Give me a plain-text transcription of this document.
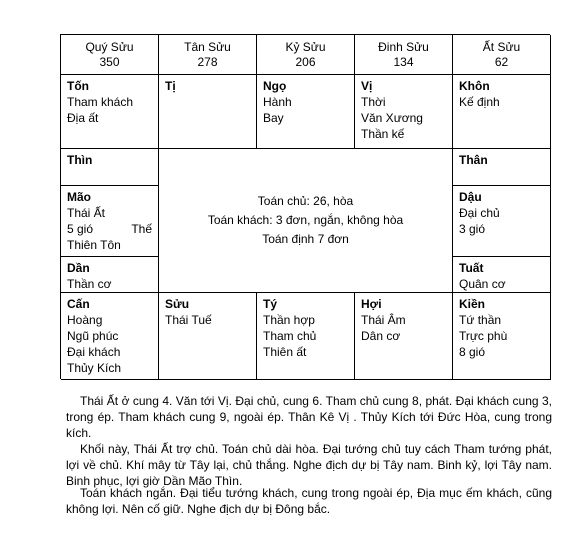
Quý Sửu
350
Tân Sửu
278
Kỷ Sửu
206
Đinh Sửu
134
Ất Sửu
62
Tốn
Tham khách
Địa ất
Tị	Ngọ
Hành
Bay
Vị
Thời
Văn Xương
Thần kế
Khôn
Kế định
Thìn
Mão
Thái Ất
5 gió	Thế
Thiên Tôn
Dần
Thần cơ
Toán chủ: 26, hòa
Toán khách: 3 đơn, ngắn, không hòa
Toán định 7 đơn
Thân
Dậu
Đại chủ
3 gió
Tuất
Quân cơ
Cấn
Hoàng
Ngũ phúc
Đại khách
Thủy Kích
Sửu
Thái Tuế
Tý
Thần hợp
Tham chủ
Thiên ất
Hợi
Thái Âm
Dân cơ
Kiền
Tứ thần
Trực phù
8 gió

Thái Ất ở cung 4. Văn tới Vị. Đại chủ, cung 6. Tham chủ cung 8, phát. Đại khách cung 3, trong ép. Tham khách cung 9, ngoài ép. Thân Kê Vị . Thủy Kích tới Đức Hòa, cung trong kích.

Khối này, Thái Ất trợ chủ. Toán chủ dài hòa. Đại tướng chủ tuy cách Tham tướng phát, lợi về chủ. Khí mây từ Tây lại, chủ thắng. Nghe địch dự bị Tây nam. Binh kỷ, lợi Tây nam. Binh phục, lợi giờ Dần Mão Thìn.

Toán khách ngắn. Đại tiểu tướng khách, cung trong ngoài ép, Địa mục ếm khách, cũng không lợi. Nên cố giữ. Nghe địch dự bị Đông bắc.
